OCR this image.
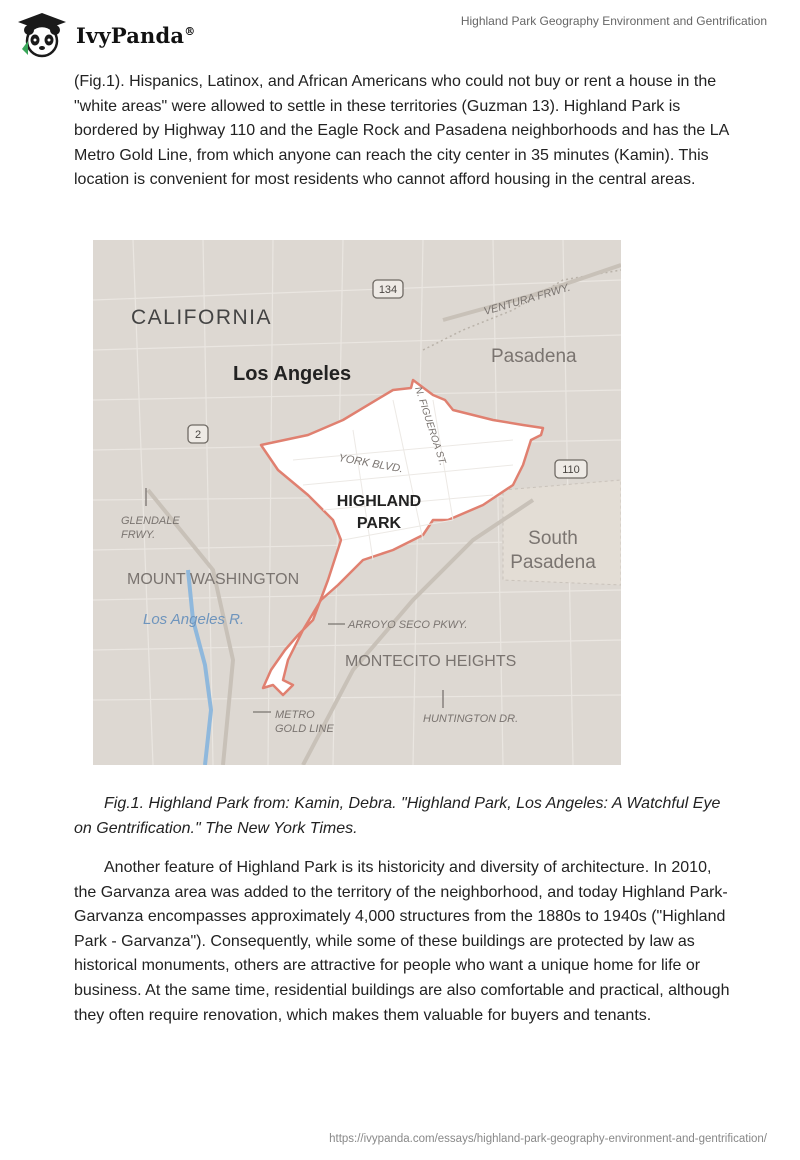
IvyPanda®
Highland Park Geography Environment and Gentrification

(Fig.1). Hispanics, Latinox, and African Americans who could not buy or rent a house in the "white areas" were allowed to settle in these territories (Guzman 13). Highland Park is bordered by Highway 110 and the Eagle Rock and Pasadena neighborhoods and has the LA Metro Gold Line, from which anyone can reach the city center in 35 minutes (Kamin). This location is convenient for most residents who cannot afford housing in the central areas.

134
2
110
CALIFORNIA
Los Angeles
Pasadena
VENTURA FRWY.
N. FIGUEROA ST.
YORK BLVD.
HIGHLAND
PARK
GLENDALE
FRWY.	South
Pasadena
MOUNT WASHINGTON
Los Angeles R.	ARROYO SECO PKWY.
MONTECITO HEIGHTS
METRO
GOLD LINE
HUNTINGTON DR.

Fig.1. Highland Park from: Kamin, Debra. "Highland Park, Los Angeles: A Watchful Eye on Gentrification." The New York Times.

Another feature of Highland Park is its historicity and diversity of architecture. In 2010, the Garvanza area was added to the territory of the neighborhood, and today Highland Park-Garvanza encompasses approximately 4,000 structures from the 1880s to 1940s ("Highland Park - Garvanza"). Consequently, while some of these buildings are protected by law as historical monuments, others are attractive for people who want a unique home for life or business. At the same time, residential buildings are also comfortable and practical, although they often require renovation, which makes them valuable for buyers and tenants.

https://ivypanda.com/essays/highland-park-geography-environment-and-gentrification/
